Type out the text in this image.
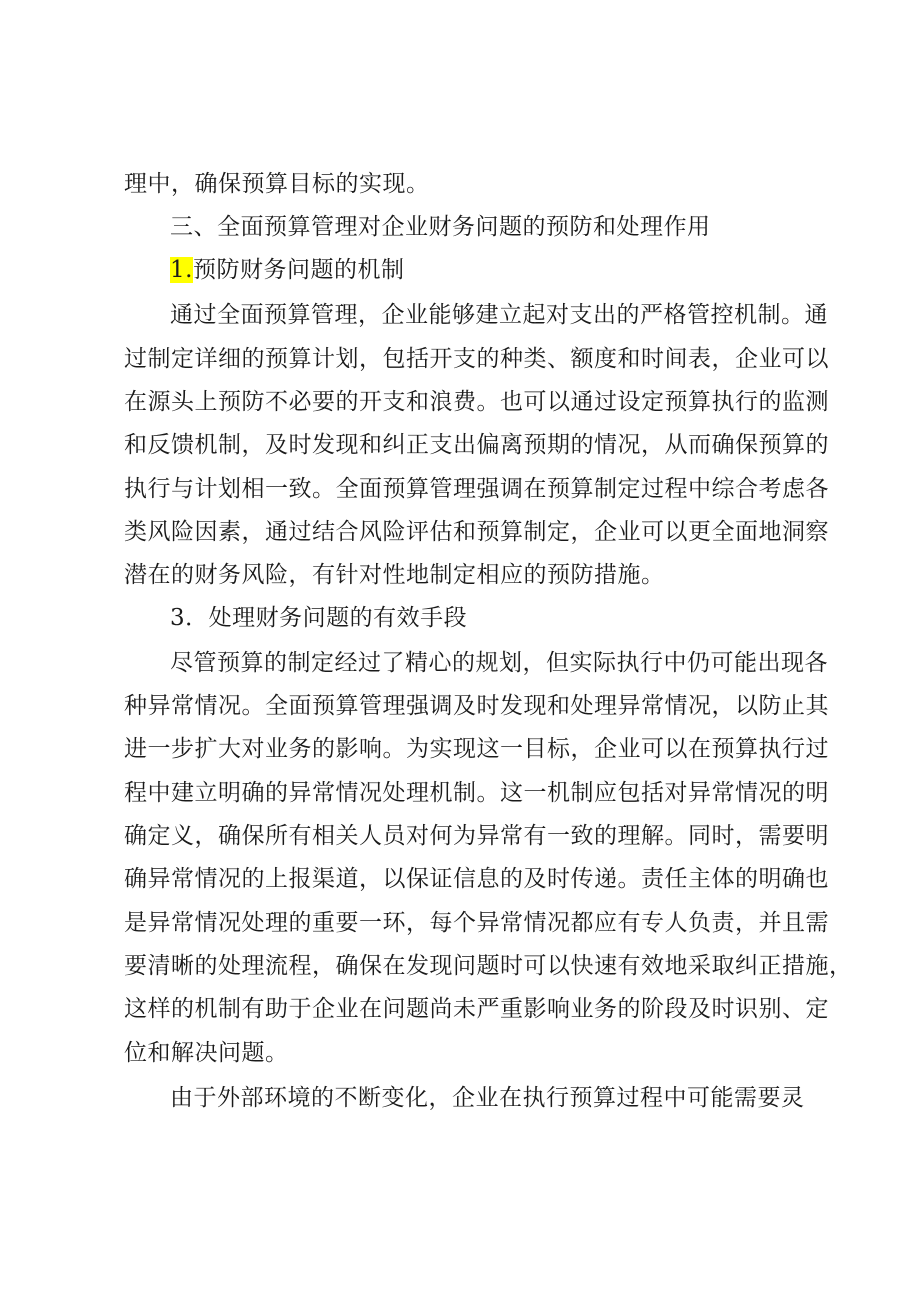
理中，确保预算目标的实现。
三、全面预算管理对企业财务问题的预防和处理作用
1.预防财务问题的机制
通过全面预算管理，企业能够建立起对支出的严格管控机制。通
过制定详细的预算计划，包括开支的种类、额度和时间表，企业可以
在源头上预防不必要的开支和浪费。也可以通过设定预算执行的监测
和反馈机制，及时发现和纠正支出偏离预期的情况，从而确保预算的
执行与计划相一致。全面预算管理强调在预算制定过程中综合考虑各
类风险因素，通过结合风险评估和预算制定，企业可以更全面地洞察
潜在的财务风险，有针对性地制定相应的预防措施。
3．处理财务问题的有效手段
尽管预算的制定经过了精心的规划，但实际执行中仍可能出现各
种异常情况。全面预算管理强调及时发现和处理异常情况，以防止其
进一步扩大对业务的影响。为实现这一目标，企业可以在预算执行过
程中建立明确的异常情况处理机制。这一机制应包括对异常情况的明
确定义，确保所有相关人员对何为异常有一致的理解。同时，需要明
确异常情况的上报渠道，以保证信息的及时传递。责任主体的明确也
是异常情况处理的重要一环，每个异常情况都应有专人负责，并且需
要清晰的处理流程，确保在发现问题时可以快速有效地采取纠正措施，
这样的机制有助于企业在问题尚未严重影响业务的阶段及时识别、定
位和解决问题。
由于外部环境的不断变化，企业在执行预算过程中可能需要灵
